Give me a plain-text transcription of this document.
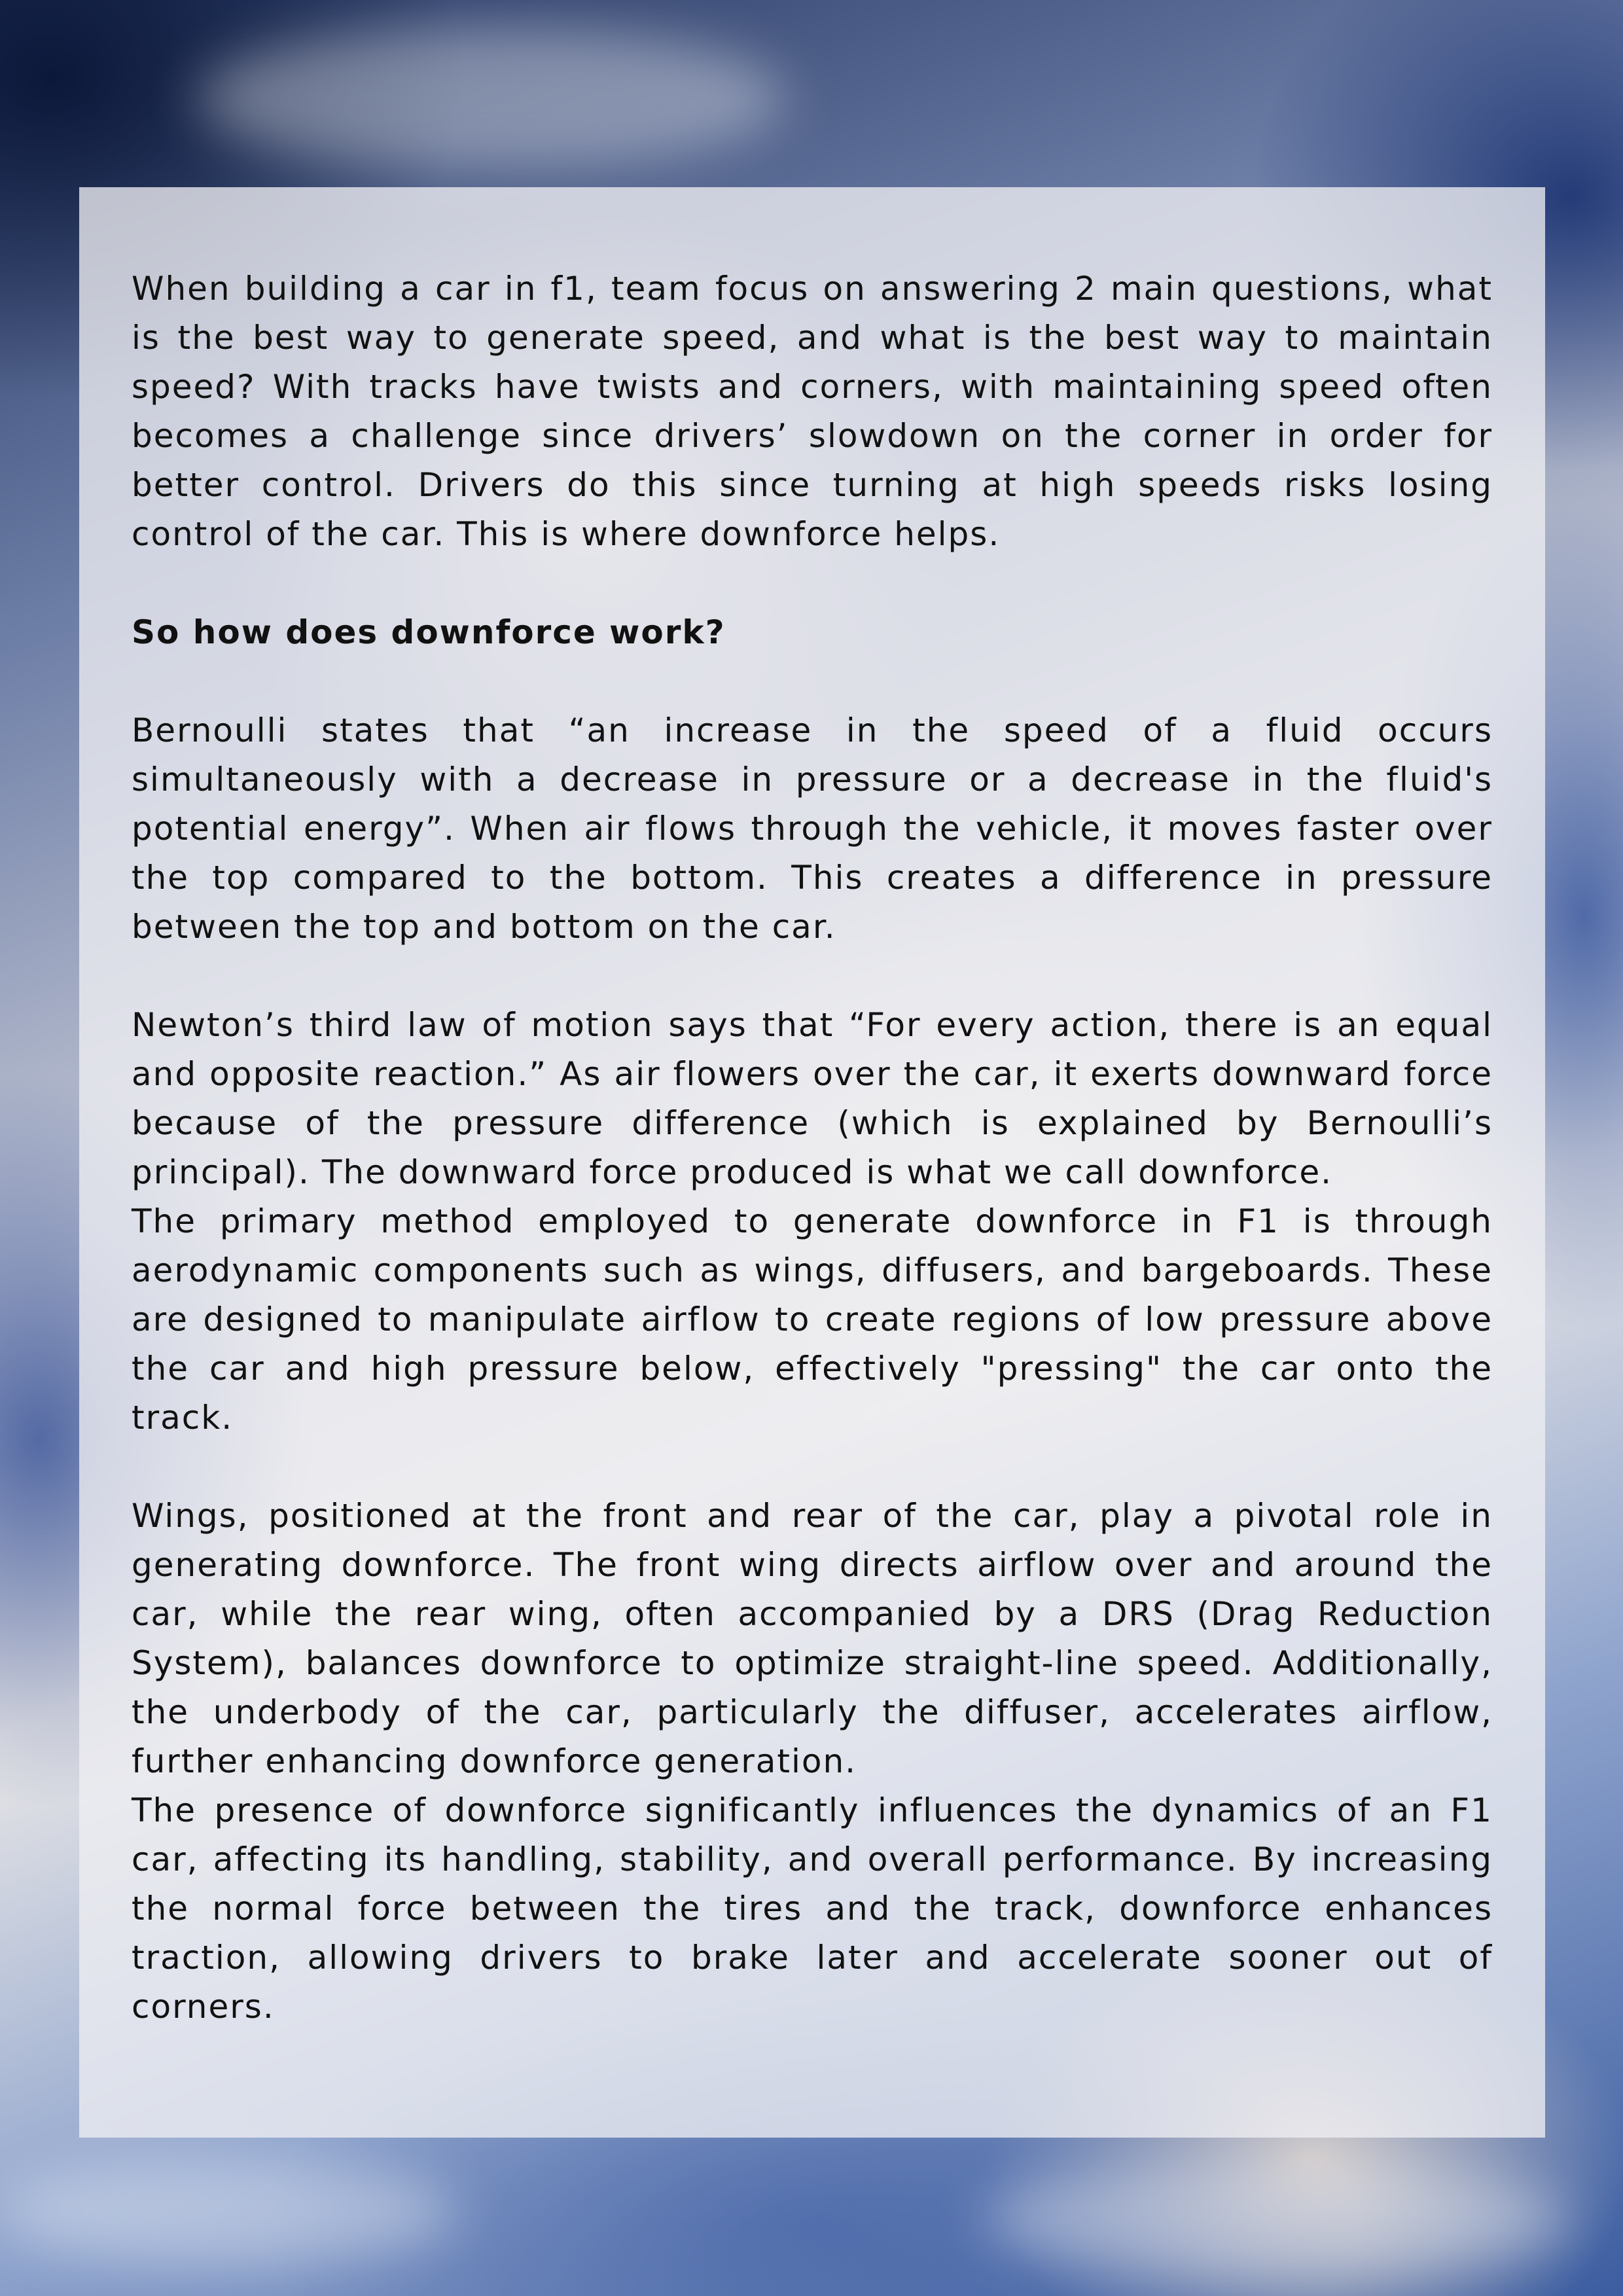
When building a car in f1, team focus on answering 2 main questions, what is the best way to generate speed, and what is the best way to maintain speed? With tracks have twists and corners, with maintaining speed often becomes a challenge since drivers’ slowdown on the corner in order for better control. Drivers do this since turning at high speeds risks losing control of the car. This is where downforce helps.

So how does downforce work?

Bernoulli states that “an increase in the speed of a fluid occurs simultaneously with a decrease in pressure or a decrease in the fluid's potential energy”. When air flows through the vehicle, it moves faster over the top compared to the bottom. This creates a difference in pressure between the top and bottom on the car.

Newton’s third law of motion says that “For every action, there is an equal and opposite reaction.” As air flowers over the car, it exerts downward force because of the pressure difference (which is explained by Bernoulli’s principal). The downward force produced is what we call downforce.

The primary method employed to generate downforce in F1 is through aerodynamic components such as wings, diffusers, and bargeboards. These are designed to manipulate airflow to create regions of low pressure above the car and high pressure below, effectively "pressing" the car onto the track.

Wings, positioned at the front and rear of the car, play a pivotal role in generating downforce. The front wing directs airflow over and around the car, while the rear wing, often accompanied by a DRS (Drag Reduction System), balances downforce to optimize straight-line speed. Additionally, the underbody of the car, particularly the diffuser, accelerates airflow, further enhancing downforce generation.

The presence of downforce significantly influences the dynamics of an F1 car, affecting its handling, stability, and overall performance. By increasing the normal force between the tires and the track, downforce enhances traction, allowing drivers to brake later and accelerate sooner out of corners.
